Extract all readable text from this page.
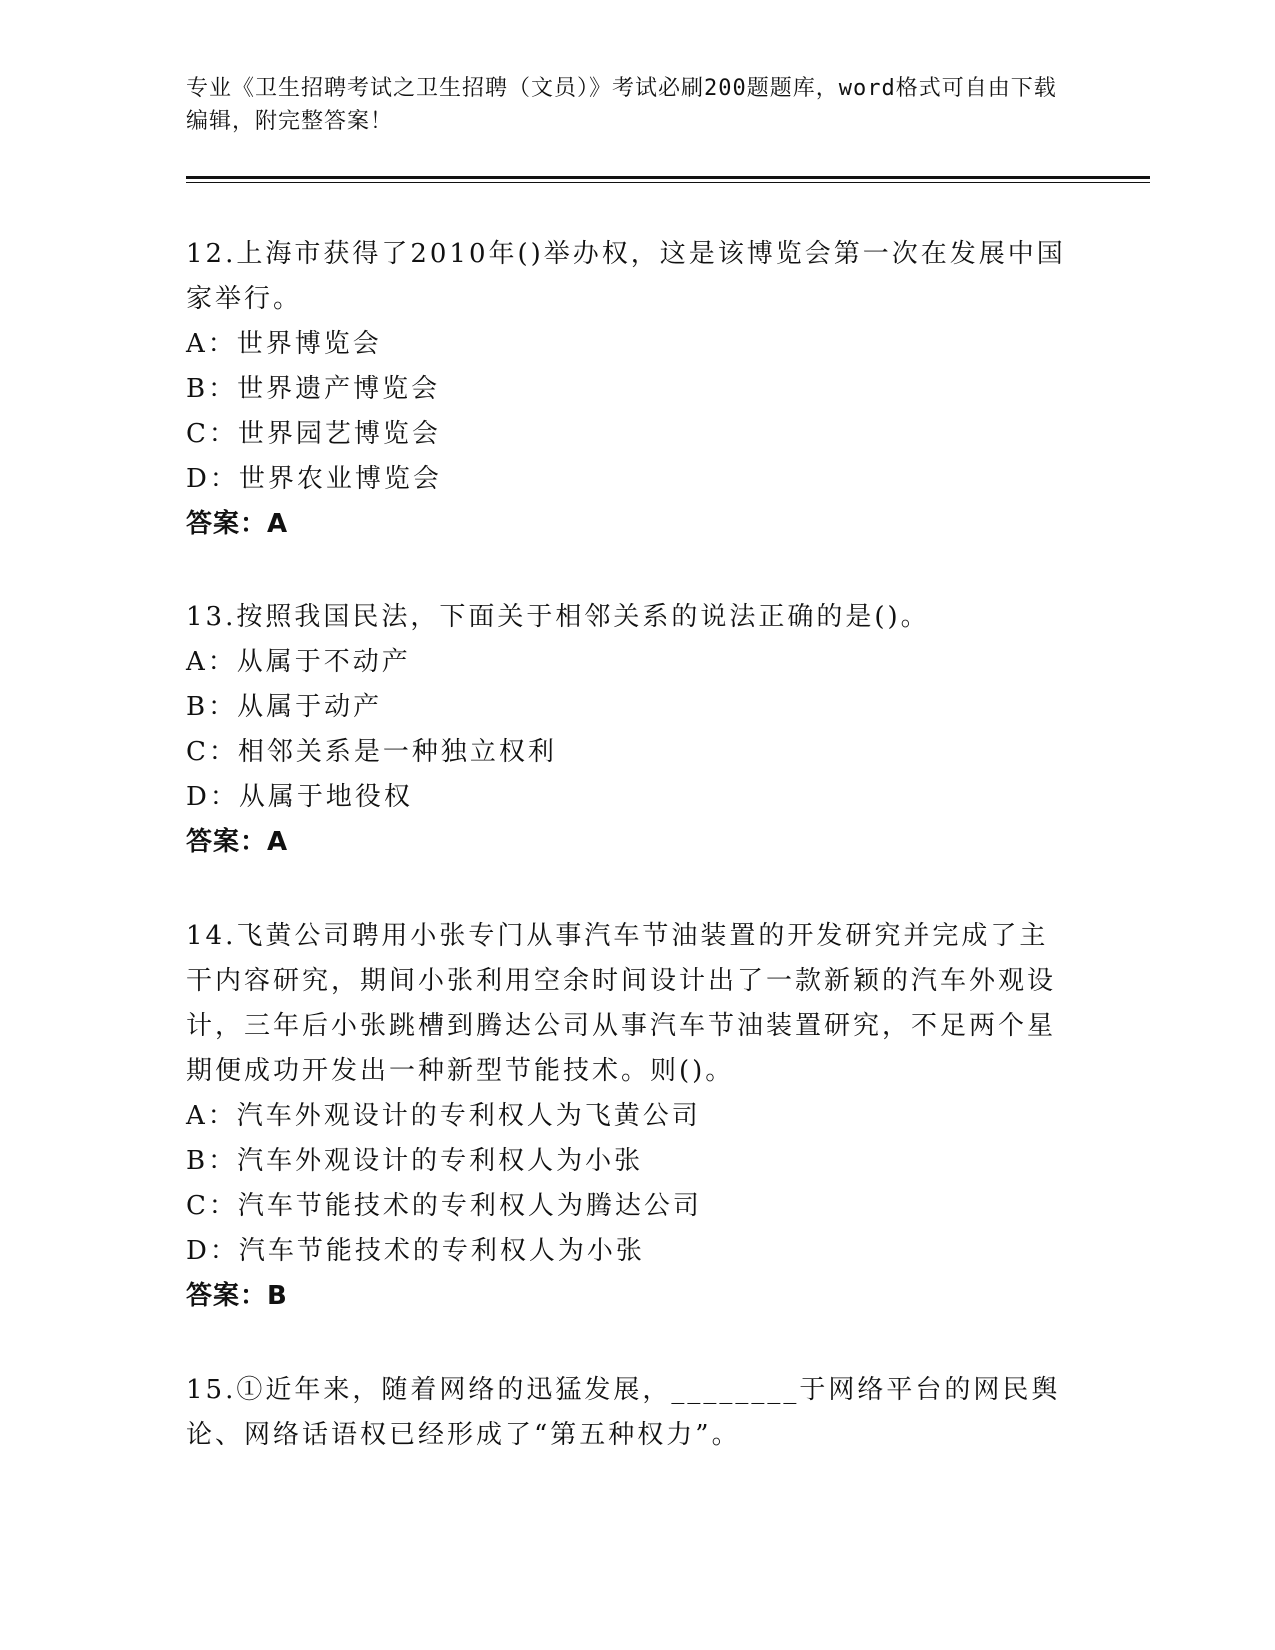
专业《卫生招聘考试之卫生招聘（文员）》考试必刷200题题库，word格式可自由下载编辑，附完整答案！

12.上海市获得了2010年()举办权，这是该博览会第一次在发展中国家举行。

A：世界博览会

B：世界遗产博览会

C：世界园艺博览会

D：世界农业博览会

答案：A

13.按照我国民法，下面关于相邻关系的说法正确的是()。

A：从属于不动产

B：从属于动产

C：相邻关系是一种独立权利

D：从属于地役权

答案：A

14.飞黄公司聘用小张专门从事汽车节油装置的开发研究并完成了主干内容研究，期间小张利用空余时间设计出了一款新颖的汽车外观设计，三年后小张跳槽到腾达公司从事汽车节油装置研究，不足两个星期便成功开发出一种新型节能技术。则()。

A：汽车外观设计的专利权人为飞黄公司

B：汽车外观设计的专利权人为小张

C：汽车节能技术的专利权人为腾达公司

D：汽车节能技术的专利权人为小张

答案：B

15.①近年来，随着网络的迅猛发展，________于网络平台的网民舆论、网络话语权已经形成了“第五种权力”。
